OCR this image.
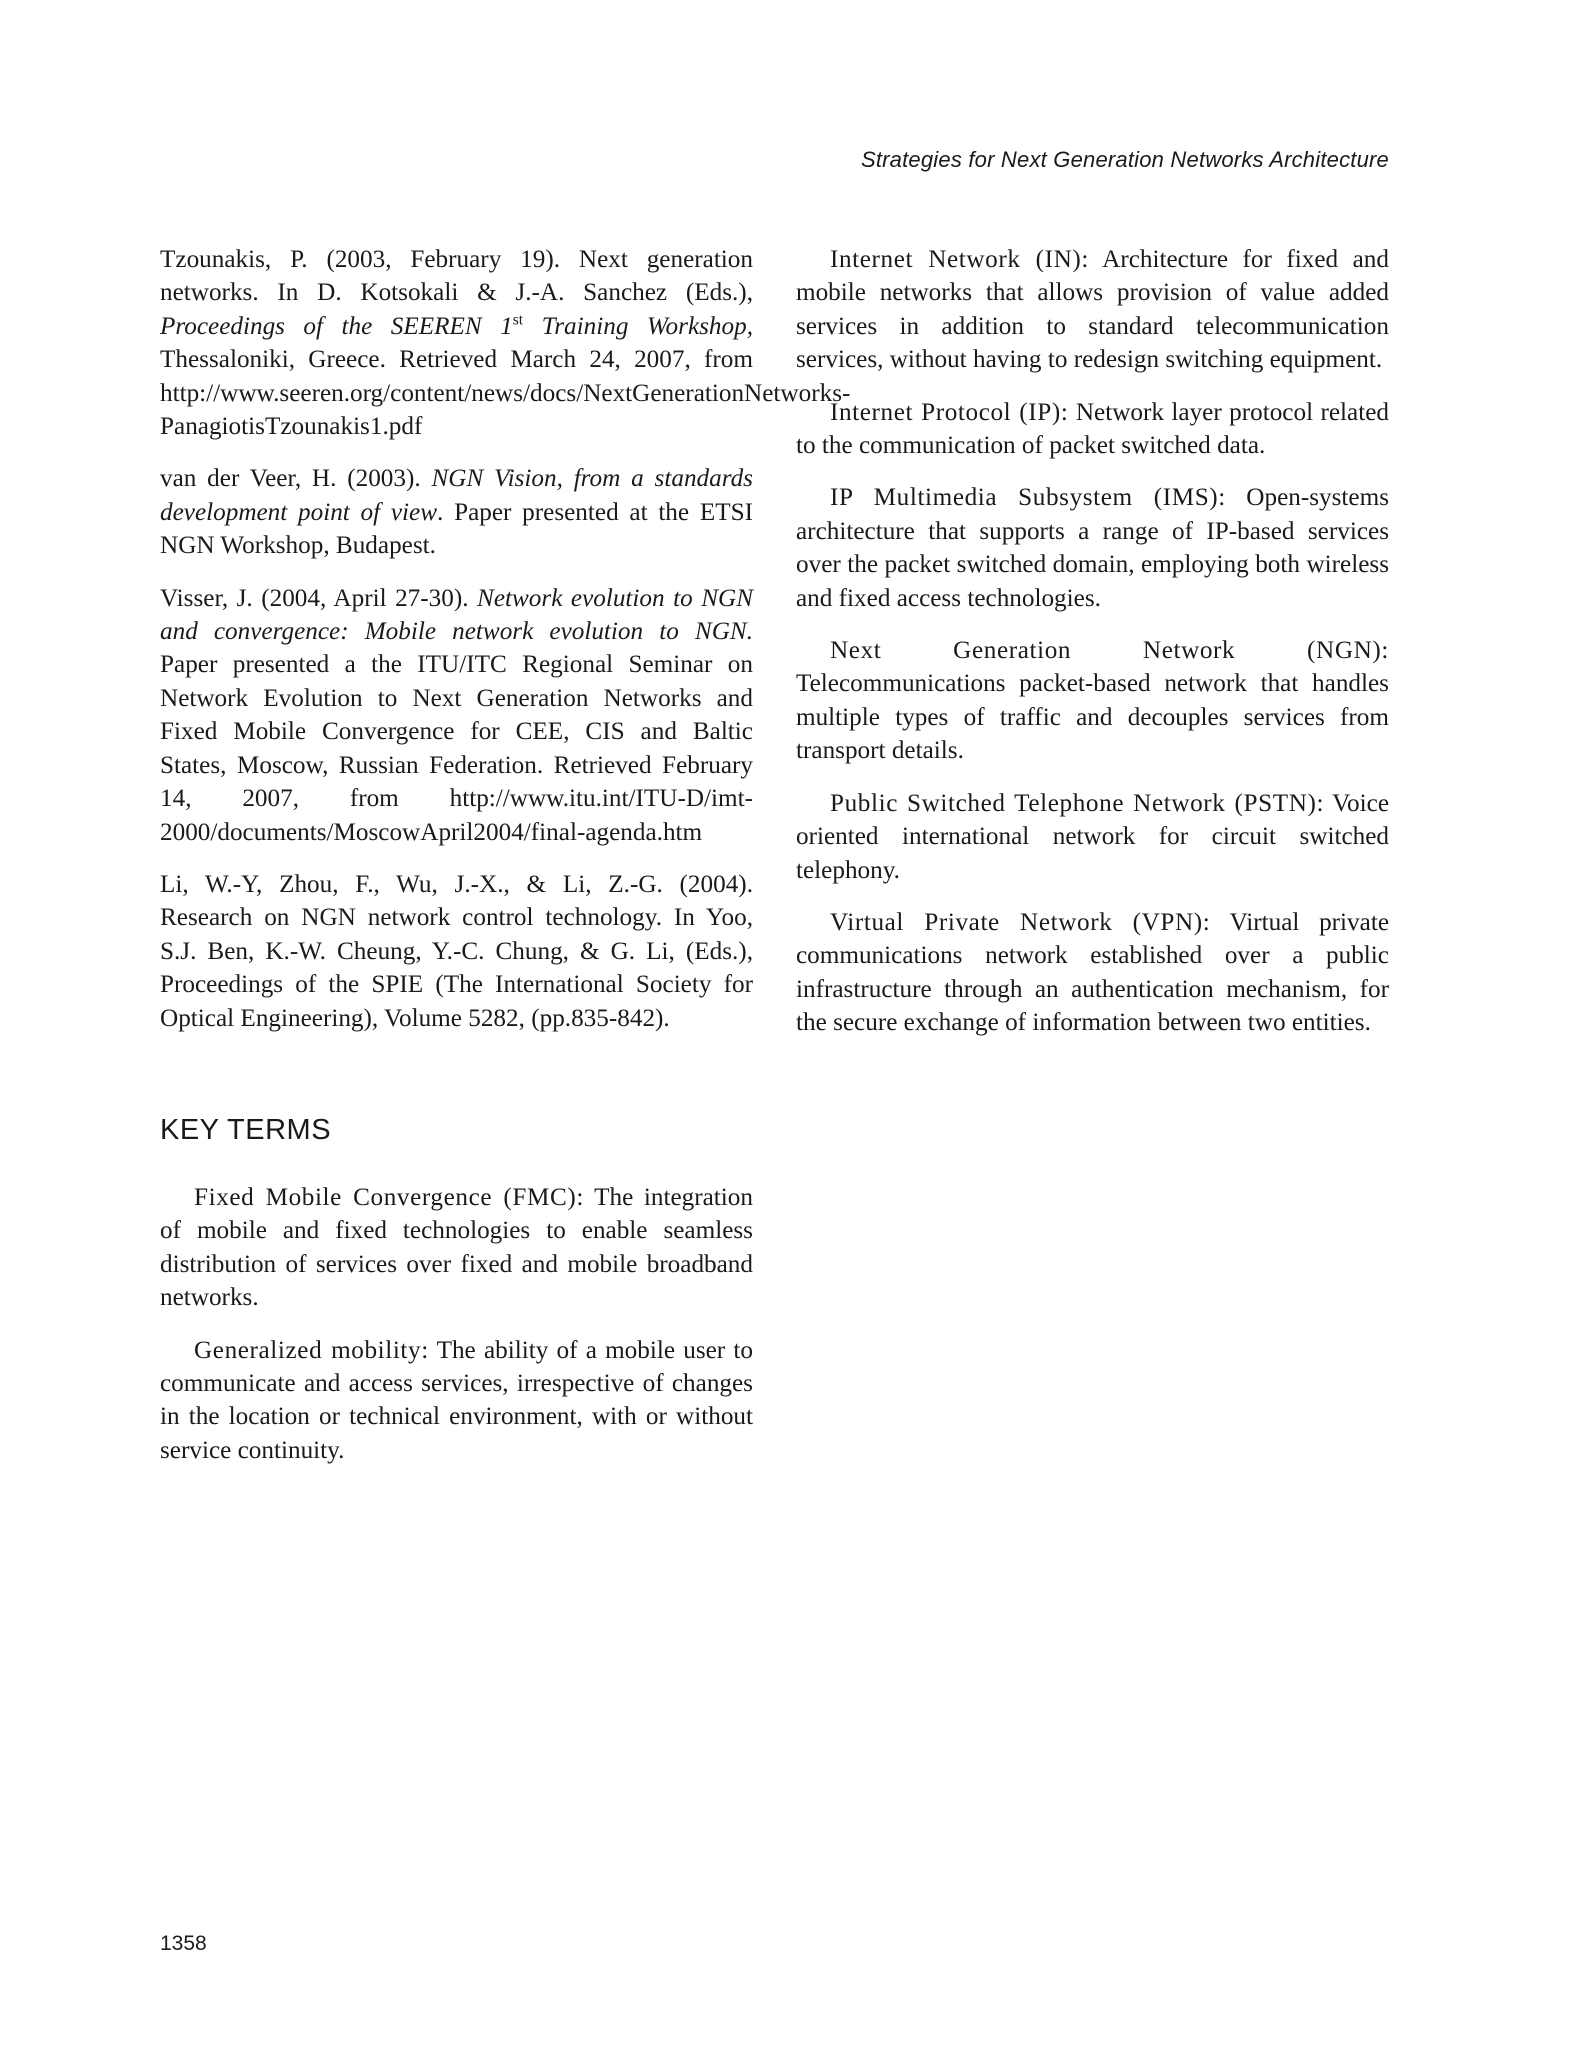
Strategies for Next Generation Networks Architecture

Tzounakis, P. (2003, February 19). Next generation networks. In D. Kotsokali & J.-A. Sanchez (Eds.), Proceedings of the SEEREN 1st Training Workshop, Thessaloniki, Greece. Retrieved March 24, 2007, from http://www.seeren.org/content/news/docs/NextGenerationNetworks-PanagiotisTzounakis1.pdf

van der Veer, H. (2003). NGN Vision, from a standards development point of view. Paper presented at the ETSI NGN Workshop, Budapest.

Visser, J. (2004, April 27-30). Network evolution to NGN and convergence: Mobile network evolution to NGN. Paper presented a the ITU/ITC Regional Seminar on Network Evolution to Next Generation Networks and Fixed Mobile Convergence for CEE, CIS and Baltic States, Moscow, Russian Federation. Retrieved February 14, 2007, from http://www.itu.int/ITU-D/imt-2000/documents/MoscowApril2004/final-agenda.htm

Li, W.-Y, Zhou, F., Wu, J.-X., & Li, Z.-G. (2004). Research on NGN network control technology. In Yoo, S.J. Ben, K.-W. Cheung, Y.-C. Chung, & G. Li, (Eds.), Proceedings of the SPIE (The International Society for Optical Engineering), Volume 5282, (pp.835-842).

KEY TERMS

Fixed Mobile Convergence (FMC): The integration of mobile and fixed technologies to enable seamless distribution of services over fixed and mobile broadband networks.

Generalized mobility: The ability of a mobile user to communicate and access services, irrespective of changes in the location or technical environment, with or without service continuity.

Internet Network (IN): Architecture for fixed and mobile networks that allows provision of value added services in addition to standard telecommunication services, without having to redesign switching equipment.

Internet Protocol (IP): Network layer protocol related to the communication of packet switched data.

IP Multimedia Subsystem (IMS): Open-systems architecture that supports a range of IP-based services over the packet switched domain, employing both wireless and fixed access technologies.

Next Generation Network (NGN): Telecommunications packet-based network that handles multiple types of traffic and decouples services from transport details.

Public Switched Telephone Network (PSTN): Voice oriented international network for circuit switched telephony.

Virtual Private Network (VPN): Virtual private communications network established over a public infrastructure through an authentication mechanism, for the secure exchange of information between two entities.

1358
